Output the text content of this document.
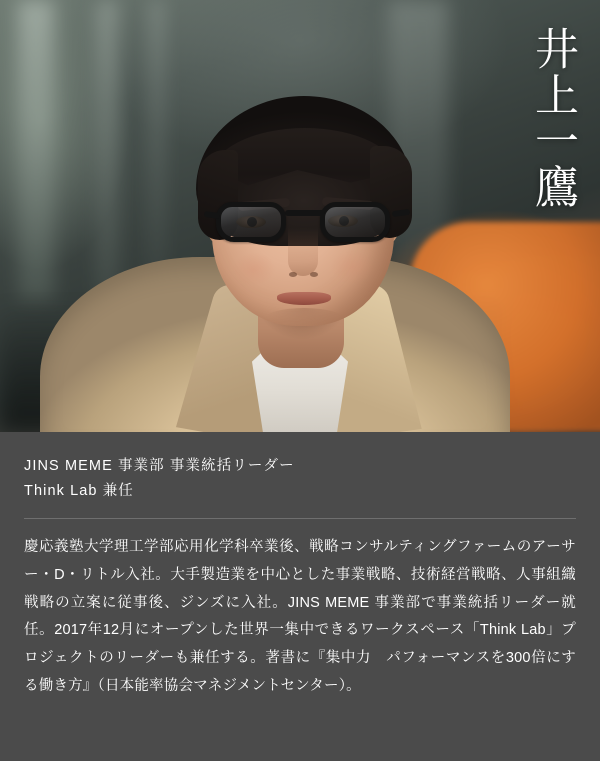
井上一鷹
JINS MEME 事業部 事業統括リーダー
Think Lab 兼任
慶応義塾大学理工学部応用化学科卒業後、戦略コンサルティングファームのアーサー・D・リトル入社。大手製造業を中心とした事業戦略、技術経営戦略、人事組織戦略の立案に従事後、ジンズに入社。JINS MEME 事業部で事業統括リーダー就任。2017年12月にオープンした世界一集中できるワークスペース「Think Lab」プロジェクトのリーダーも兼任する。著書に『集中力　パフォーマンスを300倍にする働き方』（日本能率協会マネジメントセンター）。
